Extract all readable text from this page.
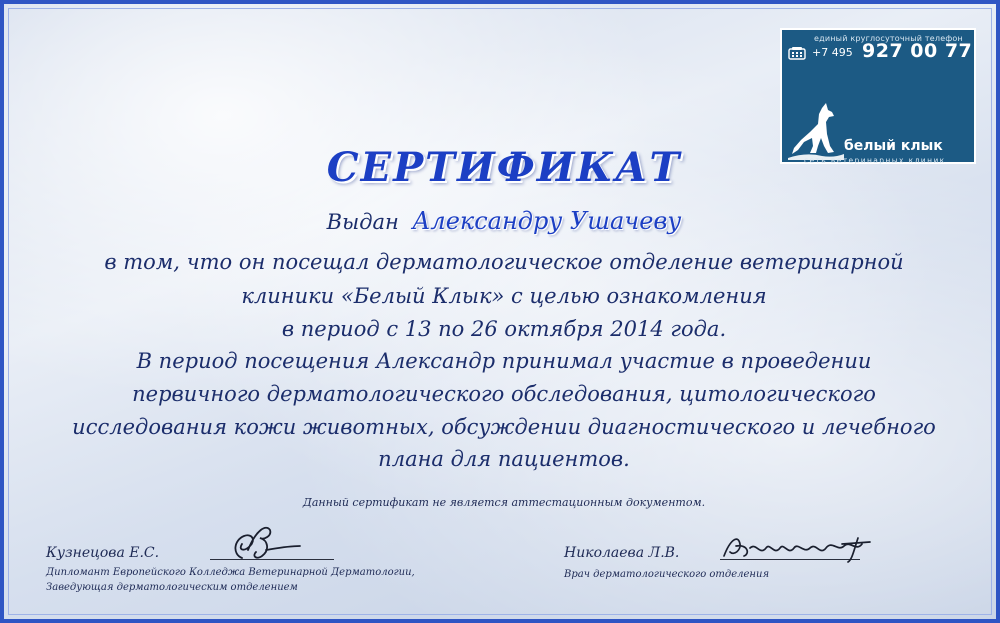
единый круглосуточный телефон
+7 495 927 00 77
белый клык
сеть ветеринарных клиник
СЕРТИФИКАТ
Выдан Александру Ушачеву
в том, что он посещал дерматологическое отделение ветеринарной
клиники «Белый Клык» с целью ознакомления
в период с 13 по 26 октября 2014 года.
В период посещения Александр принимал участие в проведении
первичного дерматологического обследования, цитологического
исследования кожи животных, обсуждении диагностического и лечебного
плана для пациентов.
Данный сертификат не является аттестационным документом.
Кузнецова Е.С.
Дипломант Европейского Колледжа Ветеринарной Дерматологии,
Заведующая дерматологическим отделением
Николаева Л.В.
Врач дерматологического отделения
